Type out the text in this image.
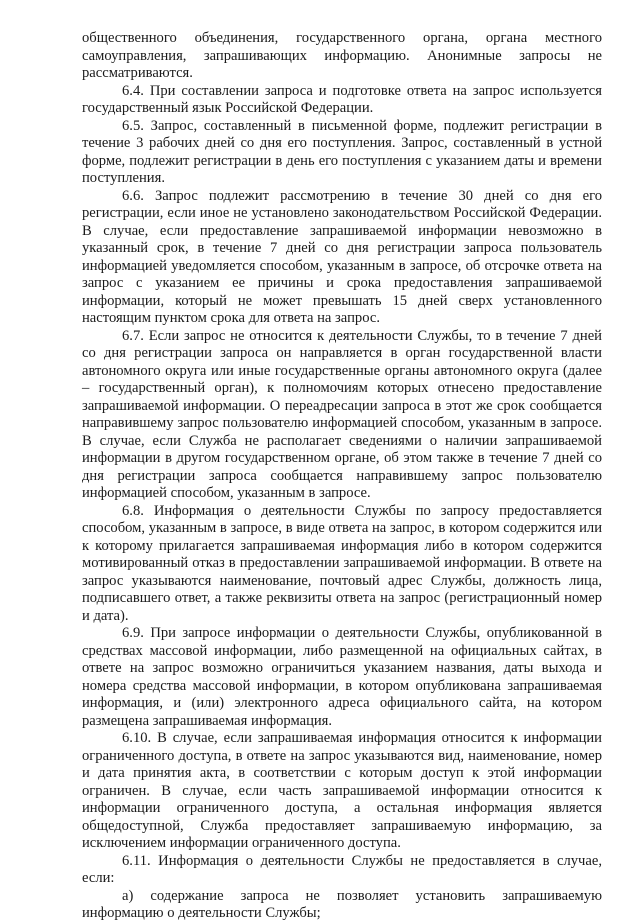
общественного объединения, государственного органа, органа местного самоуправления, запрашивающих информацию. Анонимные запросы не рассматриваются.

6.4. При составлении запроса и подготовке ответа на запрос используется государственный язык Российской Федерации.

6.5. Запрос, составленный в письменной форме, подлежит регистрации в течение 3 рабочих дней со дня его поступления. Запрос, составленный в устной форме, подлежит регистрации в день его поступления с указанием даты и времени поступления.

6.6. Запрос подлежит рассмотрению в течение 30 дней со дня его регистрации, если иное не установлено законодательством Российской Федерации. В случае, если предоставление запрашиваемой информации невозможно в указанный срок, в течение 7 дней со дня регистрации запроса пользователь информацией уведомляется способом, указанным в запросе, об отсрочке ответа на запрос с указанием ее причины и срока предоставления запрашиваемой информации, который не может превышать 15 дней сверх установленного настоящим пунктом срока для ответа на запрос.

6.7. Если запрос не относится к деятельности Службы, то в течение 7 дней со дня регистрации запроса он направляется в орган государственной власти автономного округа или иные государственные органы автономного округа (далее – государственный орган), к полномочиям которых отнесено предоставление запрашиваемой информации. О переадресации запроса в этот же срок сообщается направившему запрос пользователю информацией способом, указанным в запросе. В случае, если Служба не располагает сведениями о наличии запрашиваемой информации в другом государственном органе, об этом также в течение 7 дней со дня регистрации запроса сообщается направившему запрос пользователю информацией способом, указанным в запросе.

6.8. Информация о деятельности Службы по запросу предоставляется способом, указанным в запросе, в виде ответа на запрос, в котором содержится или к которому прилагается запрашиваемая информация либо в котором содержится мотивированный отказ в предоставлении запрашиваемой информации. В ответе на запрос указываются наименование, почтовый адрес Службы, должность лица, подписавшего ответ, а также реквизиты ответа на запрос (регистрационный номер и дата).

6.9. При запросе информации о деятельности Службы, опубликованной в средствах массовой информации, либо размещенной на официальных сайтах, в ответе на запрос возможно ограничиться указанием названия, даты выхода и номера средства массовой информации, в котором опубликована запрашиваемая информация, и (или) электронного адреса официального сайта, на котором размещена запрашиваемая информация.

6.10. В случае, если запрашиваемая информация относится к информации ограниченного доступа, в ответе на запрос указываются вид, наименование, номер и дата принятия акта, в соответствии с которым доступ к этой информации ограничен. В случае, если часть запрашиваемой информации относится к информации ограниченного доступа, а остальная информация является общедоступной, Служба предоставляет запрашиваемую информацию, за исключением информации ограниченного доступа.

6.11. Информация о деятельности Службы не предоставляется в случае, если:

а) содержание запроса не позволяет установить запрашиваемую информацию о деятельности Службы;
